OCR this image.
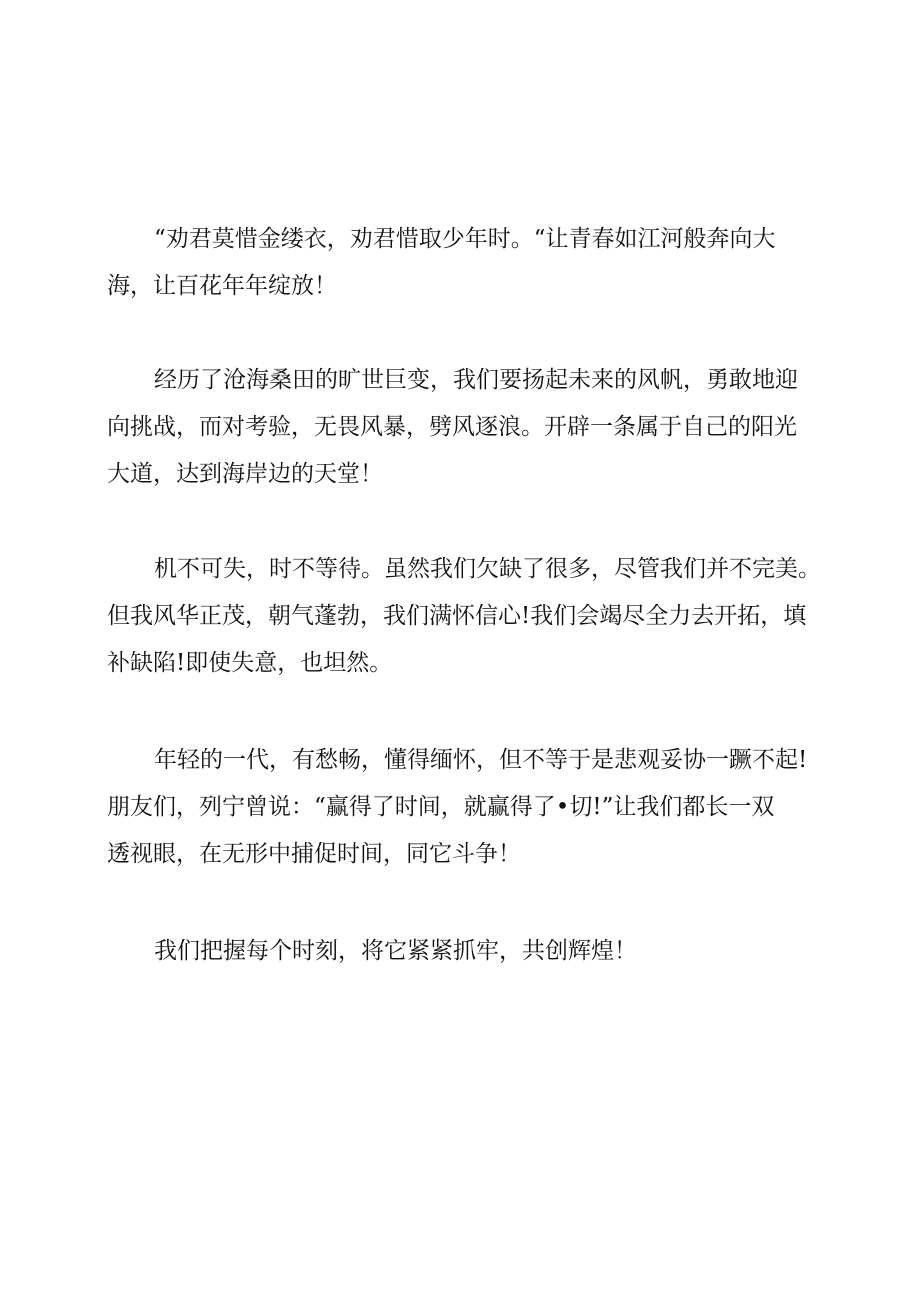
“劝君莫惜金缕衣，劝君惜取少年时。“让青春如江河般奔向大
海，让百花年年绽放！

经历了沧海桑田的旷世巨变，我们要扬起未来的风帆，勇敢地迎
向挑战，而对考验，无畏风暴，劈风逐浪。开辟一条属于自己的阳光
大道，达到海岸边的天堂！

机不可失，时不等待。虽然我们欠缺了很多，尽管我们并不完美。
但我风华正茂，朝气蓬勃，我们满怀信心!我们会竭尽全力去开拓，填
补缺陷!即使失意，也坦然。

年轻的一代，有愁畅，懂得缅怀，但不等于是悲观妥协一蹶不起!
朋友们，列宁曾说：“赢得了时间，就赢得了•切!”让我们都长一双
透视眼，在无形中捕促时间，同它斗争！

我们把握每个时刻，将它紧紧抓牢，共创辉煌！
